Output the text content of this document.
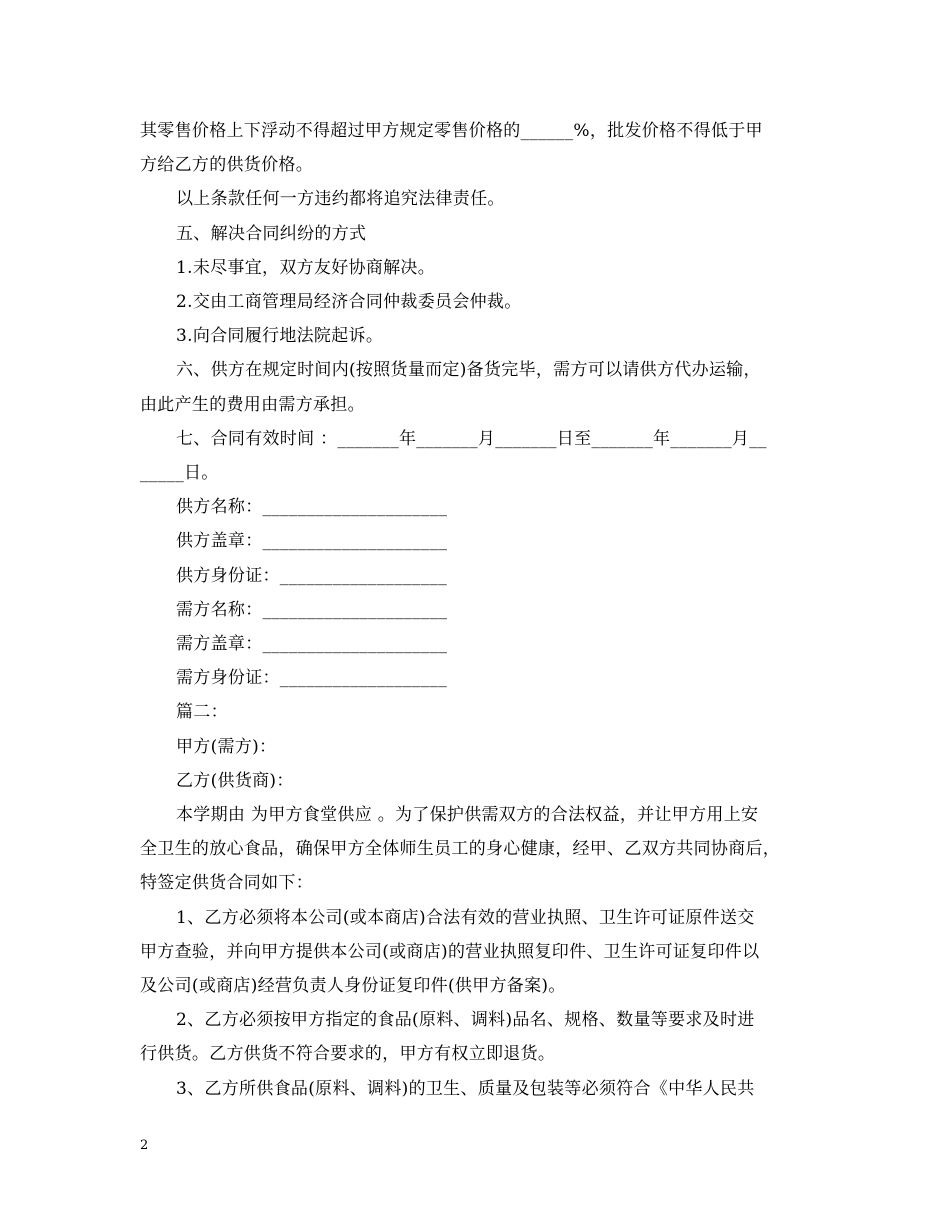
其零售价格上下浮动不得超过甲方规定零售价格的______%，批发价格不得低于甲
方给乙方的供货价格。
以上条款任何一方违约都将追究法律责任。
五、解决合同纠纷的方式
1.未尽事宜，双方友好协商解决。
2.交由工商管理局经济合同仲裁委员会仲裁。
3.向合同履行地法院起诉。
六、供方在规定时间内(按照货量而定)备货完毕，需方可以请供方代办运输，
由此产生的费用由需方承担。
七、合同有效时间 ：_______年_______月_______日至_______年_______月__
_____日。
供方名称：_____________________
供方盖章：_____________________
供方身份证：___________________
需方名称：_____________________
需方盖章：_____________________
需方身份证：___________________
篇二：
甲方(需方)：
乙方(供货商)：
本学期由 为甲方食堂供应 。为了保护供需双方的合法权益，并让甲方用上安
全卫生的放心食品，确保甲方全体师生员工的身心健康，经甲、乙双方共同协商后，
特签定供货合同如下：
1、乙方必须将本公司(或本商店)合法有效的营业执照、卫生许可证原件送交
甲方查验，并向甲方提供本公司(或商店)的营业执照复印件、卫生许可证复印件以
及公司(或商店)经营负责人身份证复印件(供甲方备案)。
2、乙方必须按甲方指定的食品(原料、调料)品名、规格、数量等要求及时进
行供货。乙方供货不符合要求的，甲方有权立即退货。
3、乙方所供食品(原料、调料)的卫生、质量及包装等必须符合《中华人民共
2
